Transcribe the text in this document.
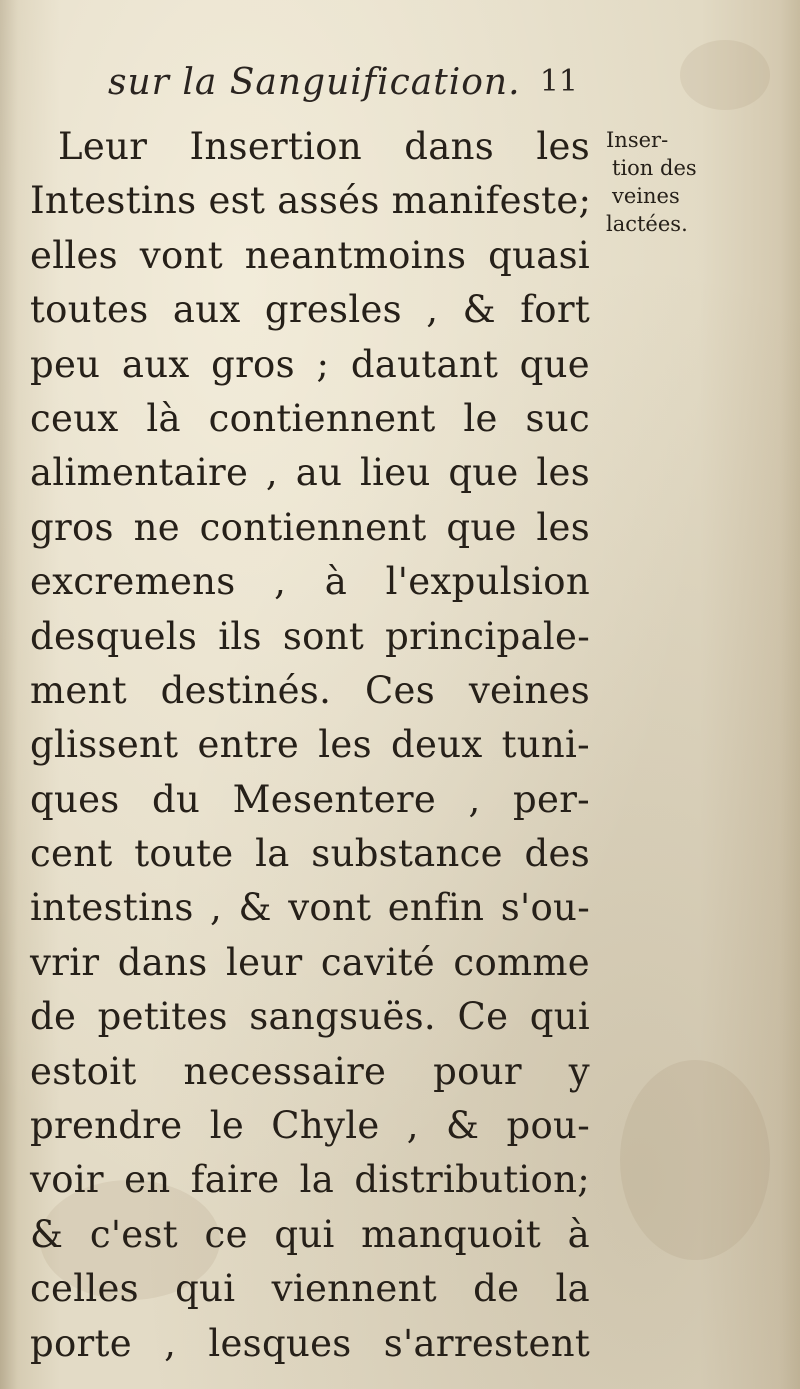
sur la Sanguification. 11
Leur Insertion dans les
Intestins est assés manifeste;
elles vont neantmoins quasi
toutes aux gresles , & fort
peu aux gros ; dautant que
ceux là contiennent le suc
alimentaire , au lieu que les
gros ne contiennent que les
excremens , à l'expulsion
desquels ils sont principale-
ment destinés. Ces veines
glissent entre les deux tuni-
ques du Mesentere , per-
cent toute la substance des
intestins , & vont enfin s'ou-
vrir dans leur cavité comme
de petites sangsuës. Ce qui
estoit necessaire pour y
prendre le Chyle , & pou-
voir en faire la distribution;
& c'est ce qui manquoit à
celles qui viennent de la
porte , lesques s'arrestent
Inser-
tion des
veines
lactées.
